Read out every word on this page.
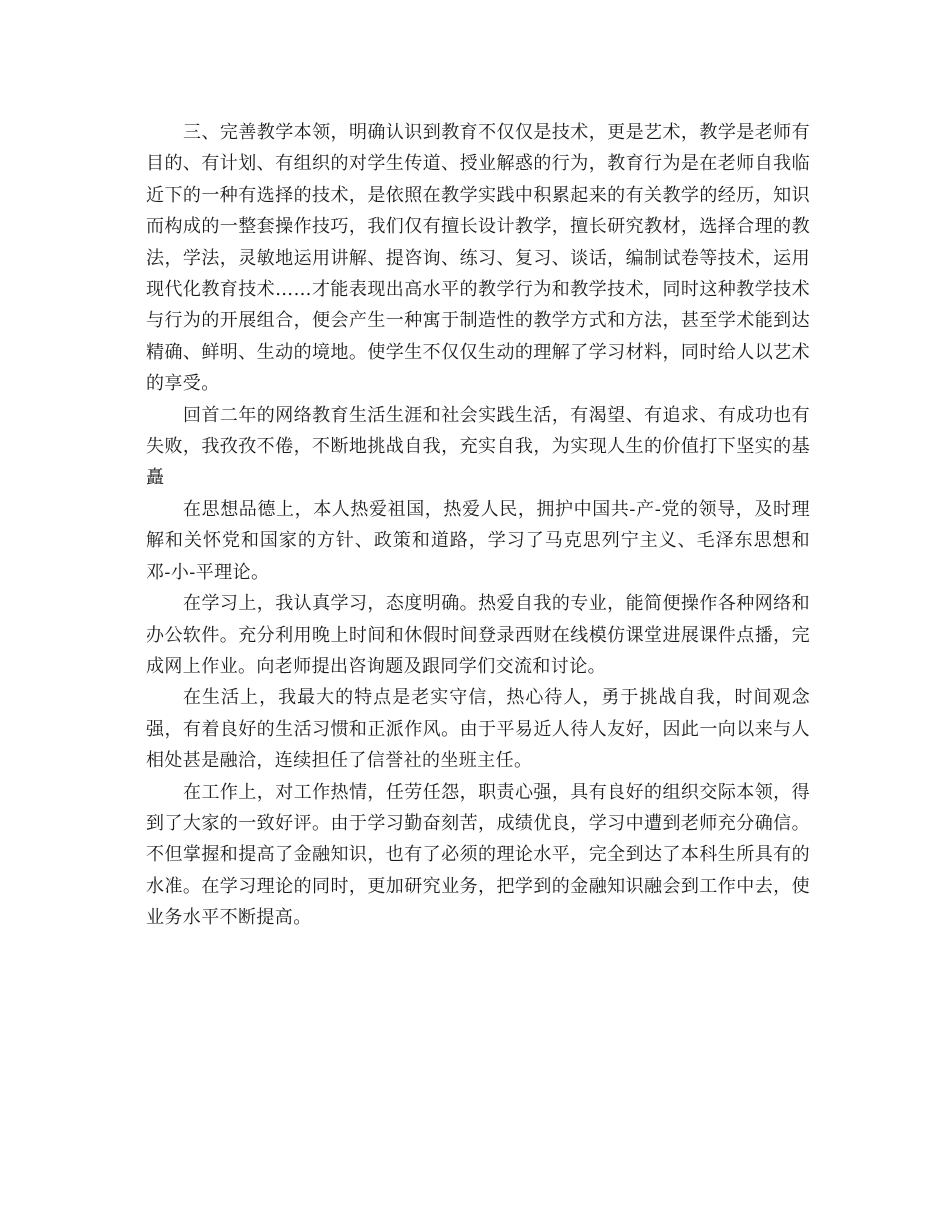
三、完善教学本领，明确认识到教育不仅仅是技术，更是艺术，教学是老师有目的、有计划、有组织的对学生传道、授业解惑的行为，教育行为是在老师自我临近下的一种有选择的技术，是依照在教学实践中积累起来的有关教学的经历，知识而构成的一整套操作技巧，我们仅有擅长设计教学，擅长研究教材，选择合理的教法，学法，灵敏地运用讲解、提咨询、练习、复习、谈话，编制试卷等技术，运用现代化教育技术……才能表现出高水平的教学行为和教学技术，同时这种教学技术与行为的开展组合，便会产生一种寓于制造性的教学方式和方法，甚至学术能到达精确、鲜明、生动的境地。使学生不仅仅生动的理解了学习材料，同时给人以艺术的享受。

回首二年的网络教育生活生涯和社会实践生活，有渴望、有追求、有成功也有失败，我孜孜不倦，不断地挑战自我，充实自我，为实现人生的价值打下坚实的基矗

在思想品德上，本人热爱祖国，热爱人民，拥护中国共-产-党的领导，及时理解和关怀党和国家的方针、政策和道路，学习了马克思列宁主义、毛泽东思想和邓-小-平理论。

在学习上，我认真学习，态度明确。热爱自我的专业，能简便操作各种网络和办公软件。充分利用晚上时间和休假时间登录西财在线模仿课堂进展课件点播，完成网上作业。向老师提出咨询题及跟同学们交流和讨论。

在生活上，我最大的特点是老实守信，热心待人，勇于挑战自我，时间观念强，有着良好的生活习惯和正派作风。由于平易近人待人友好，因此一向以来与人相处甚是融洽，连续担任了信誉社的坐班主任。

在工作上，对工作热情，任劳任怨，职责心强，具有良好的组织交际本领，得到了大家的一致好评。由于学习勤奋刻苦，成绩优良，学习中遭到老师充分确信。不但掌握和提高了金融知识，也有了必须的理论水平，完全到达了本科生所具有的水准。在学习理论的同时，更加研究业务，把学到的金融知识融会到工作中去，使业务水平不断提高。
